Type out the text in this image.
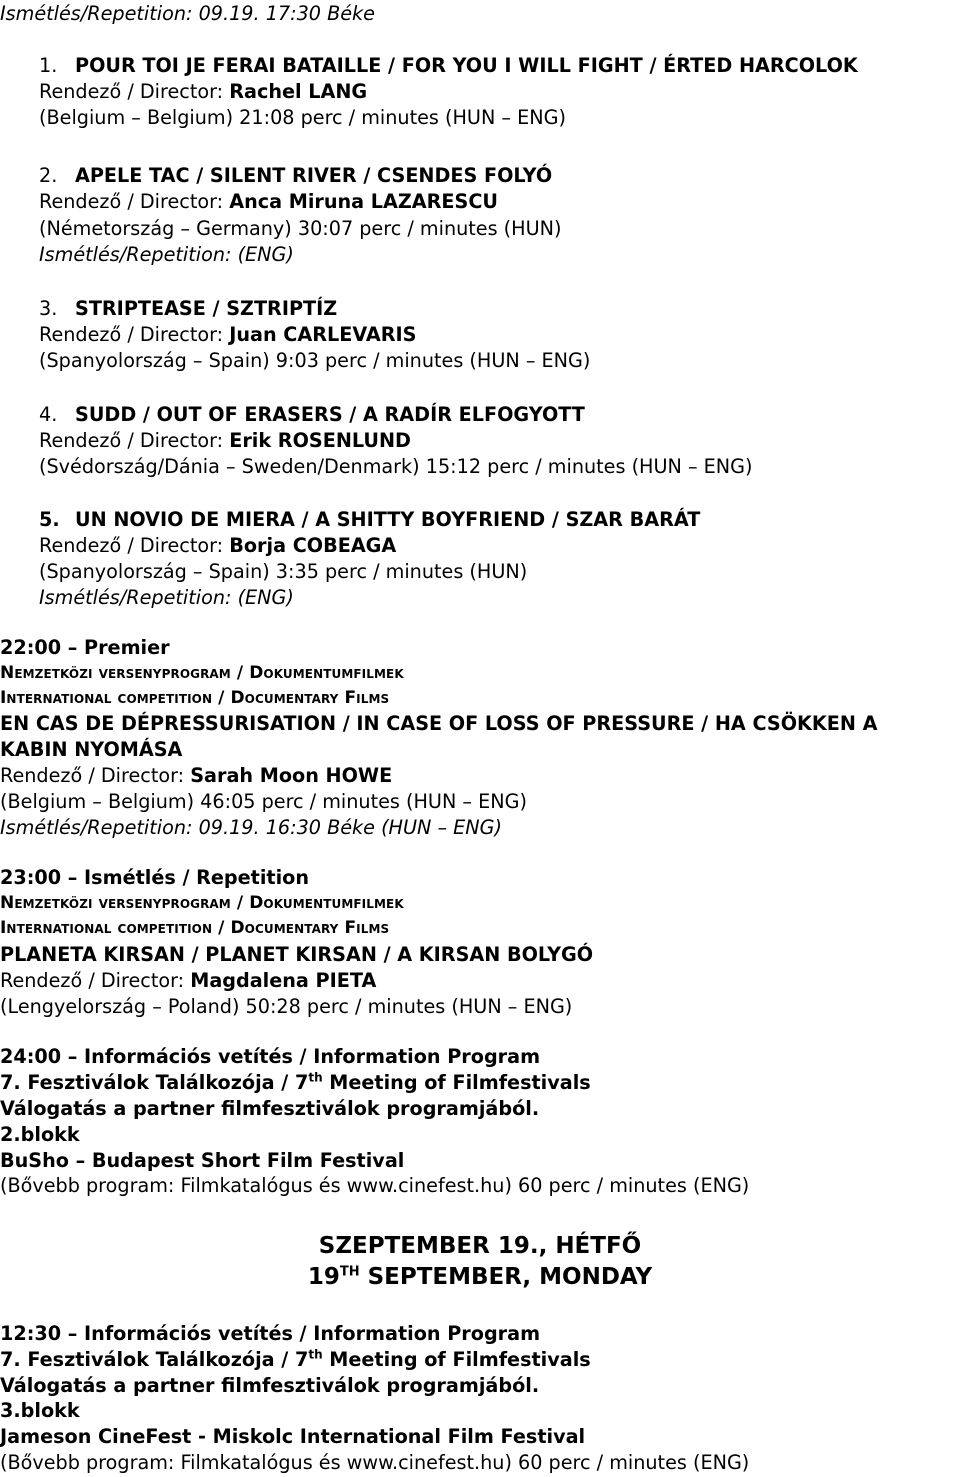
Ismétlés/Repetition: 09.19. 17:30 Béke
1. POUR TOI JE FERAI BATAILLE / FOR YOU I WILL FIGHT / ÉRTED HARCOLOK
Rendező / Director: Rachel LANG
(Belgium – Belgium) 21:08 perc / minutes (HUN – ENG)
2. APELE TAC / SILENT RIVER / CSENDES FOLYÓ
Rendező / Director: Anca Miruna LAZARESCU
(Németország – Germany) 30:07 perc / minutes (HUN)
Ismétlés/Repetition: (ENG)
3. STRIPTEASE / SZTRIPTÍZ
Rendező / Director: Juan CARLEVARIS
(Spanyolország – Spain) 9:03 perc / minutes (HUN – ENG)
4. SUDD / OUT OF ERASERS / A RADÍR ELFOGYOTT
Rendező / Director: Erik ROSENLUND
(Svédország/Dánia – Sweden/Denmark) 15:12 perc / minutes (HUN – ENG)
5. UN NOVIO DE MIERA / A SHITTY BOYFRIEND / SZAR BARÁT
Rendező / Director: Borja COBEAGA
(Spanyolország – Spain) 3:35 perc / minutes (HUN)
Ismétlés/Repetition: (ENG)
22:00 – Premier
Nemzetközi versenyprogram / Dokumentumfilmek
International competition / Documentary Films
EN CAS DE DÉPRESSURISATION / IN CASE OF LOSS OF PRESSURE / HA CSÖKKEN A
KABIN NYOMÁSA
Rendező / Director: Sarah Moon HOWE
(Belgium – Belgium) 46:05 perc / minutes (HUN – ENG)
Ismétlés/Repetition: 09.19. 16:30 Béke (HUN – ENG)
23:00 – Ismétlés / Repetition
Nemzetközi versenyprogram / Dokumentumfilmek
International competition / Documentary Films
PLANETA KIRSAN / PLANET KIRSAN / A KIRSAN BOLYGÓ
Rendező / Director: Magdalena PIETA
(Lengyelország – Poland) 50:28 perc / minutes (HUN – ENG)
24:00 – Információs vetítés / Information Program
7. Fesztiválok Találkozója / 7th Meeting of Filmfestivals
Válogatás a partner filmfesztiválok programjából.
2.blokk
BuSho – Budapest Short Film Festival
(Bővebb program: Filmkatalógus és www.cinefest.hu) 60 perc / minutes (ENG)
SZEPTEMBER 19., HÉTFŐ
19TH SEPTEMBER, MONDAY
12:30 – Információs vetítés / Information Program
7. Fesztiválok Találkozója / 7th Meeting of Filmfestivals
Válogatás a partner filmfesztiválok programjából.
3.blokk
Jameson CineFest - Miskolc International Film Festival
(Bővebb program: Filmkatalógus és www.cinefest.hu) 60 perc / minutes (ENG)
